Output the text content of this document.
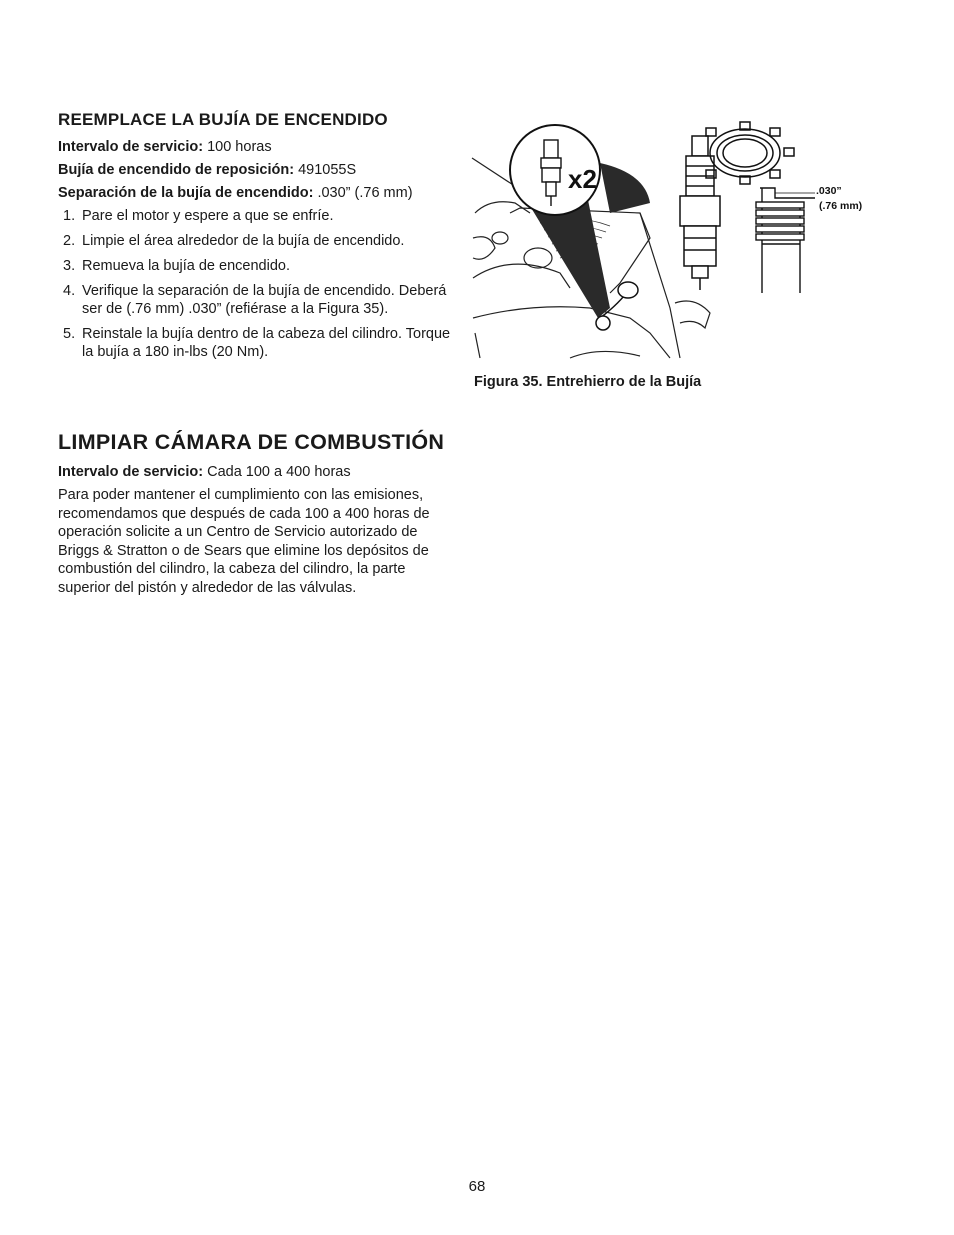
REEMPLACE LA BUJÍA DE ENCENDIDO

Intervalo de servicio: 100 horas

Bujía de encendido de reposición: 491055S

Separación de la bujía de encendido: .030” (.76 mm)

1. Pare el motor y espere a que se enfríe.
2. Limpie el área alrededor de la bujía de encendido.
3. Remueva la bujía de encendido.
4. Verifique la separación de la bujía de encendido. Deberá ser de (.76 mm) .030” (refiérase a la Figura 35).
5. Reinstale la bujía dentro de la cabeza del cilindro. Torque la bujía a 180 in-lbs (20 Nm).
x2	.030”
(.76 mm)
Figura 35. Entrehierro de la Bujía
LIMPIAR CÁMARA DE COMBUSTIÓN

Intervalo de servicio: Cada 100 a 400 horas

Para poder mantener el cumplimiento con las emisiones, recomendamos que después de cada 100 a 400 horas de operación solicite a un Centro de Servicio autorizado de Briggs & Stratton o de Sears que elimine los depósitos de combustión del cilindro, la cabeza del cilindro, la parte superior del pistón y alrededor de las válvulas.

68
